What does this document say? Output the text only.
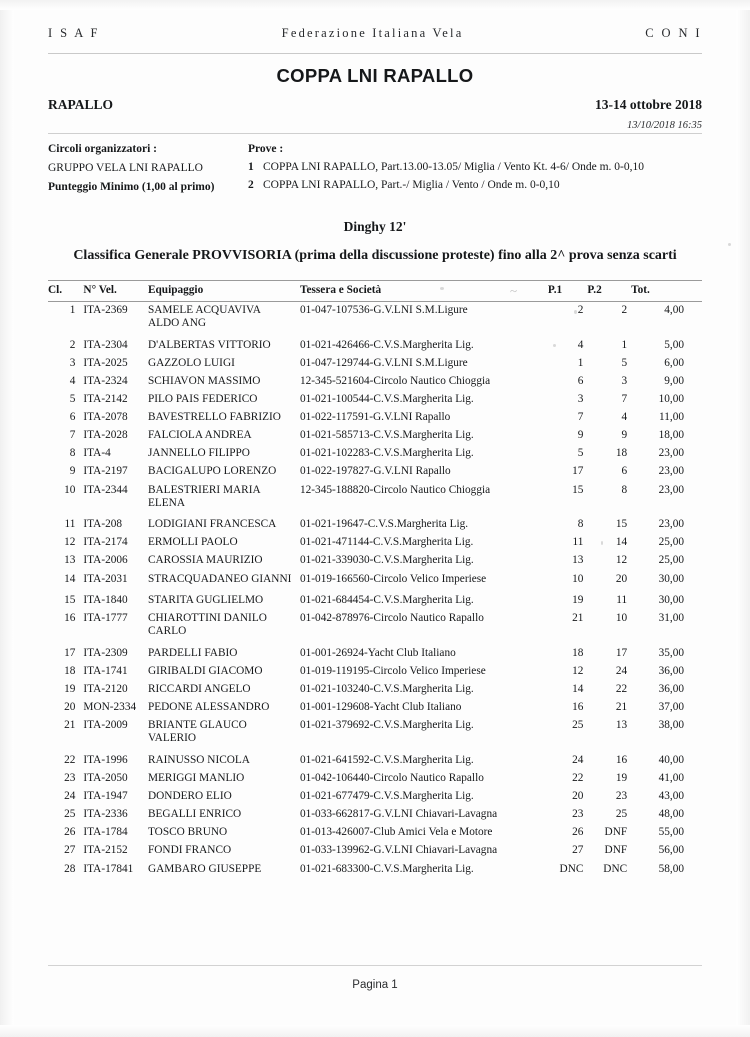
I S A F	Federazione Italiana Vela	C O N I
COPPA LNI RAPALLO
RAPALLO	13-14 ottobre 2018
13/10/2018 16:35
Circoli organizzatori :
GRUPPO VELA LNI RAPALLO
Punteggio Minimo (1,00 al primo)
Prove :
1 COPPA LNI RAPALLO, Part.13.00-13.05/ Miglia / Vento Kt. 4-6/ Onde m. 0-0,10
2 COPPA LNI RAPALLO, Part.-/ Miglia / Vento / Onde m. 0-0,10
Dinghy 12'
Classifica Generale PROVVISORIA (prima della discussione proteste) fino alla 2^ prova senza scarti
Cl.	N° Vel.	Equipaggio	Tessera e Società	P.1	P.2	Tot.
1	ITA-2369	SAMELE ACQUAVIVA ALDO ANG	01-047-107536-G.V.LNI S.M.Ligure	2	2	4,00
2	ITA-2304	D'ALBERTAS VITTORIO	01-021-426466-C.V.S.Margherita Lig.	4	1	5,00
3	ITA-2025	GAZZOLO LUIGI	01-047-129744-G.V.LNI S.M.Ligure	1	5	6,00
4	ITA-2324	SCHIAVON MASSIMO	12-345-521604-Circolo Nautico Chioggia	6	3	9,00
5	ITA-2142	PILO PAIS FEDERICO	01-021-100544-C.V.S.Margherita Lig.	3	7	10,00
6	ITA-2078	BAVESTRELLO FABRIZIO	01-022-117591-G.V.LNI Rapallo	7	4	11,00
7	ITA-2028	FALCIOLA ANDREA	01-021-585713-C.V.S.Margherita Lig.	9	9	18,00
8	ITA-4	JANNELLO FILIPPO	01-021-102283-C.V.S.Margherita Lig.	5	18	23,00
9	ITA-2197	BACIGALUPO LORENZO	01-022-197827-G.V.LNI Rapallo	17	6	23,00
10	ITA-2344	BALESTRIERI MARIA ELENA	12-345-188820-Circolo Nautico Chioggia	15	8	23,00
11	ITA-208	LODIGIANI FRANCESCA	01-021-19647-C.V.S.Margherita Lig.	8	15	23,00
12	ITA-2174	ERMOLLI PAOLO	01-021-471144-C.V.S.Margherita Lig.	11	14	25,00
13	ITA-2006	CAROSSIA MAURIZIO	01-021-339030-C.V.S.Margherita Lig.	13	12	25,00
14	ITA-2031	STRACQUADANEO GIANNI	01-019-166560-Circolo Velico Imperiese	10	20	30,00
15	ITA-1840	STARITA GUGLIELMO	01-021-684454-C.V.S.Margherita Lig.	19	11	30,00
16	ITA-1777	CHIAROTTINI DANILO CARLO	01-042-878976-Circolo Nautico Rapallo	21	10	31,00
17	ITA-2309	PARDELLI FABIO	01-001-26924-Yacht Club Italiano	18	17	35,00
18	ITA-1741	GIRIBALDI GIACOMO	01-019-119195-Circolo Velico Imperiese	12	24	36,00
19	ITA-2120	RICCARDI ANGELO	01-021-103240-C.V.S.Margherita Lig.	14	22	36,00
20	MON-2334	PEDONE ALESSANDRO	01-001-129608-Yacht Club Italiano	16	21	37,00
21	ITA-2009	BRIANTE GLAUCO VALERIO	01-021-379692-C.V.S.Margherita Lig.	25	13	38,00
22	ITA-1996	RAINUSSO NICOLA	01-021-641592-C.V.S.Margherita Lig.	24	16	40,00
23	ITA-2050	MERIGGI MANLIO	01-042-106440-Circolo Nautico Rapallo	22	19	41,00
24	ITA-1947	DONDERO ELIO	01-021-677479-C.V.S.Margherita Lig.	20	23	43,00
25	ITA-2336	BEGALLI ENRICO	01-033-662817-G.V.LNI Chiavari-Lavagna	23	25	48,00
26	ITA-1784	TOSCO BRUNO	01-013-426007-Club Amici Vela e Motore	26	DNF	55,00
27	ITA-2152	FONDI FRANCO	01-033-139962-G.V.LNI Chiavari-Lavagna	27	DNF	56,00
28	ITA-17841	GAMBARO GIUSEPPE	01-021-683300-C.V.S.Margherita Lig.	DNC	DNC	58,00
Pagina 1
~
